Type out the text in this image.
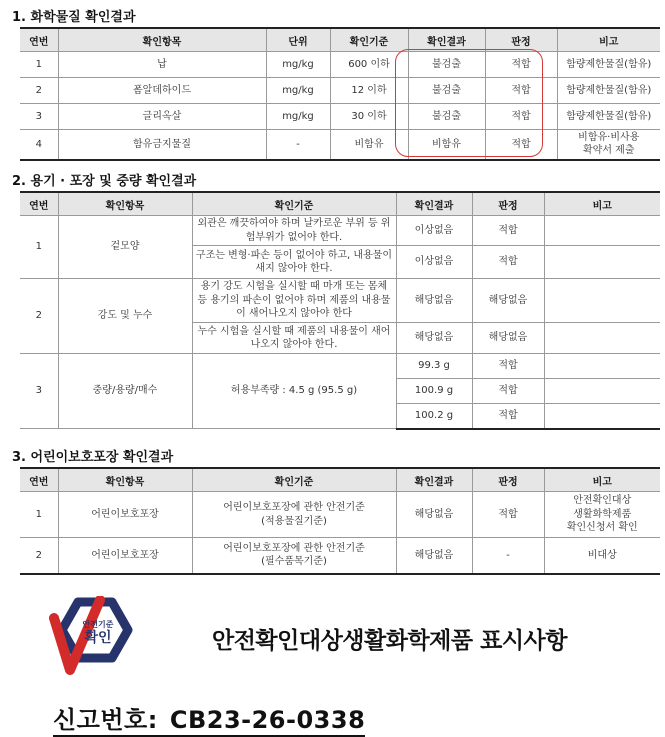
1. 화학물질 확인결과
연번	확인항목	단위	확인기준	확인결과	판정	비고
1	납	mg/kg	600 이하	불검출	적합	함량제한물질(함유)
2	폼알데하이드	mg/kg	12 이하	불검출	적합	함량제한물질(함유)
3	글리옥살	mg/kg	30 이하	불검출	적합	함량제한물질(함유)
4	함유금지물질	-	비함유	비함유	적합	비함유·비사용
확약서 제출
2. 용기 · 포장 및 중량 확인결과
연번	확인항목	확인기준	확인결과	판정	비고
1	겉모양	외관은 깨끗하여야 하며 날카로운 부위 등 위험부위가 없어야 한다.	이상없음	적합	
		구조는 변형·파손 등이 없어야 하고, 내용물이 새지 않아야 한다.	이상없음	적합	
2	강도 및 누수	용기 강도 시험을 실시할 때 마개 또는 몸체 등 용기의 파손이 없어야 하며 제품의 내용물이 새어나오지 않아야 한다	해당없음	해당없음	
		누수 시험을 실시할 때 제품의 내용물이 새어 나오지 않아야 한다.	해당없음	해당없음	
3	중량/용량/매수	허용부족량 : 4.5 g (95.5 g)	99.3 g	적합	
			100.9 g	적합	
			100.2 g	적합	
3. 어린이보호포장 확인결과
연번	확인항목	확인기준	확인결과	판정	비고
1	어린이보호포장	어린이보호포장에 관한 안전기준
(적용물질기준)	해당없음	적합	안전확인대상
생활화학제품
확인신청서 확인
2	어린이보호포장	어린이보호포장에 관한 안전기준
(필수품목기준)	해당없음	-	비대상
안전기준
확인	안전확인대상생활화학제품 표시사항
신고번호: CB23-26-0338
